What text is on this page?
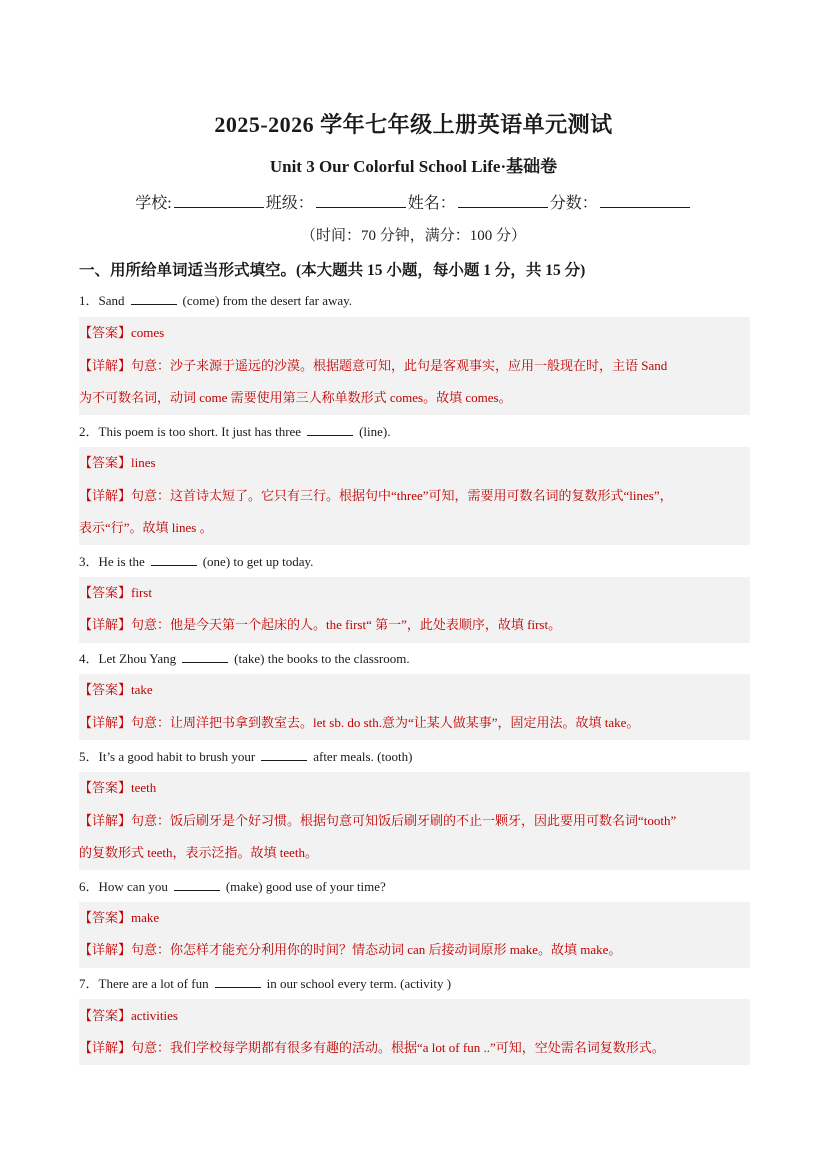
2025-2026 学年七年级上册英语单元测试
Unit 3 Our Colorful School Life·基础卷
学校:	班级：	姓名：	分数：
（时间：70 分钟，满分：100 分）
一、用所给单词适当形式填空。(本大题共 15 小题，每小题 1 分，共 15 分)
1．Sand	(come) from the desert far away.
【答案】comes
【详解】句意：沙子来源于遥远的沙漠。根据题意可知，此句是客观事实，应用一般现在时，主语 Sand
为不可数名词，动词 come 需要使用第三人称单数形式 comes。故填 comes。
2．This poem is too short. It just has three	(line).
【答案】lines
【详解】句意：这首诗太短了。它只有三行。根据句中“three”可知，需要用可数名词的复数形式“lines”，
表示“行”。故填 lines 。
3．He is the	(one) to get up today.
【答案】first
【详解】句意：他是今天第一个起床的人。the first“ 第一”，此处表顺序，故填 first。
4．Let Zhou Yang	(take) the books to the classroom.
【答案】take
【详解】句意：让周洋把书拿到教室去。let sb. do sth.意为“让某人做某事”，固定用法。故填 take。
5．It’s a good habit to brush your	after meals. (tooth)
【答案】teeth
【详解】句意：饭后刷牙是个好习惯。根据句意可知饭后刷牙刷的不止一颗牙，因此要用可数名词“tooth”
的复数形式 teeth，表示泛指。故填 teeth。
6．How can you	(make) good use of your time?
【答案】make
【详解】句意：你怎样才能充分利用你的时间？情态动词 can 后接动词原形 make。故填 make。
7．There are a lot of fun	in our school every term. (activity )
【答案】activities
【详解】句意：我们学校每学期都有很多有趣的活动。根据“a lot of fun ..”可知，空处需名词复数形式。
